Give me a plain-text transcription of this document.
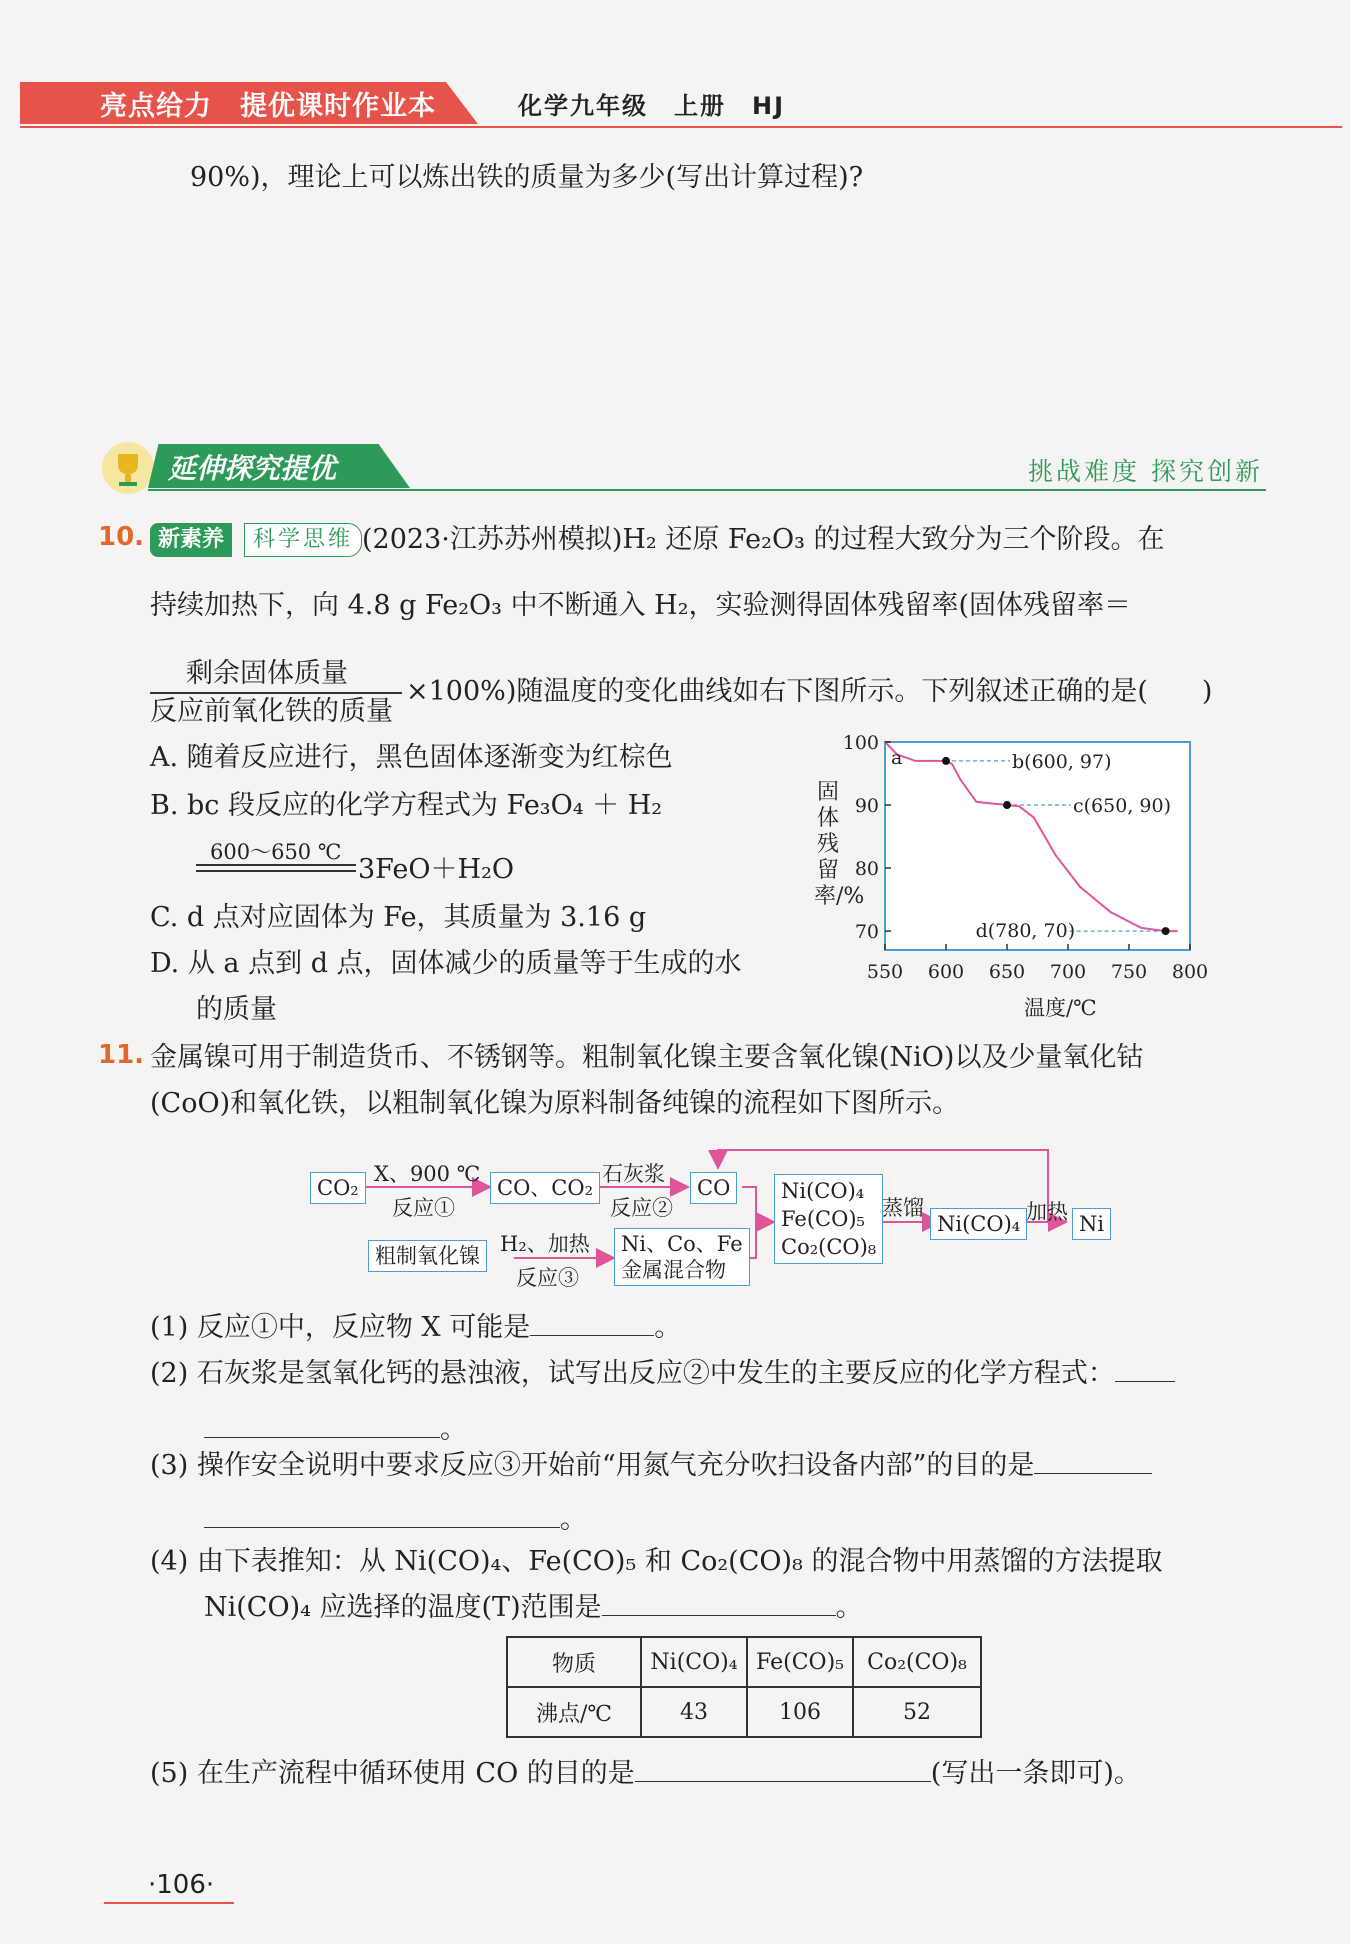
亮点给力　提优课时作业本	化学九年级　上册　HJ
90%)，理论上可以炼出铁的质量为多少(写出计算过程)?
延伸探究提优	挑战难度 探究创新
10. 新素养	科学思维 (2023·江苏苏州模拟)H₂ 还原 Fe₂O₃ 的过程大致分为三个阶段。在
持续加热下，向 4.8 g Fe₂O₃ 中不断通入 H₂，实验测得固体残留率(固体残留率＝
剩余固体质量
反应前氧化铁的质量
×100%)随温度的变化曲线如右下图所示。下列叙述正确的是(　　)
A. 随着反应进行，黑色固体逐渐变为红棕色
B. bc 段反应的化学方程式为 Fe₃O₄ ＋ H₂
600～650 ℃
3FeO＋H₂O
C. d 点对应固体为 Fe，其质量为 3.16 g
D. 从 a 点到 d 点，固体减少的质量等于生成的水
的质量
550 600 650 700 750 800
70
80
90
100
a	b(600, 97)
c(650, 90)
d(780, 70)
固体残留率/%
温度/℃
11. 金属镍可用于制造货币、不锈钢等。粗制氧化镍主要含氧化镍(NiO)以及少量氧化钴
(CoO)和氧化铁，以粗制氧化镍为原料制备纯镍的流程如下图所示。
CO₂
X、900 ℃
反应①
CO、CO₂
石灰浆
反应②
CO
粗制氧化镍 H₂、加热
反应③
Ni、Co、Fe
金属混合物
Ni(CO)₄
Fe(CO)₅
Co₂(CO)₈
蒸馏
Ni(CO)₄ 加热 Ni
(1) 反应①中，反应物 X 可能是	。
(2) 石灰浆是氢氧化钙的悬浊液，试写出反应②中发生的主要反应的化学方程式：
。
(3) 操作安全说明中要求反应③开始前“用氮气充分吹扫设备内部”的目的是
。
(4) 由下表推知：从 Ni(CO)₄、Fe(CO)₅ 和 Co₂(CO)₈ 的混合物中用蒸馏的方法提取
Ni(CO)₄ 应选择的温度(T)范围是	。
物质	Ni(CO)₄	Fe(CO)₅	Co₂(CO)₈
沸点/℃	43	106	52
(5) 在生产流程中循环使用 CO 的目的是	(写出一条即可)。
·106·
